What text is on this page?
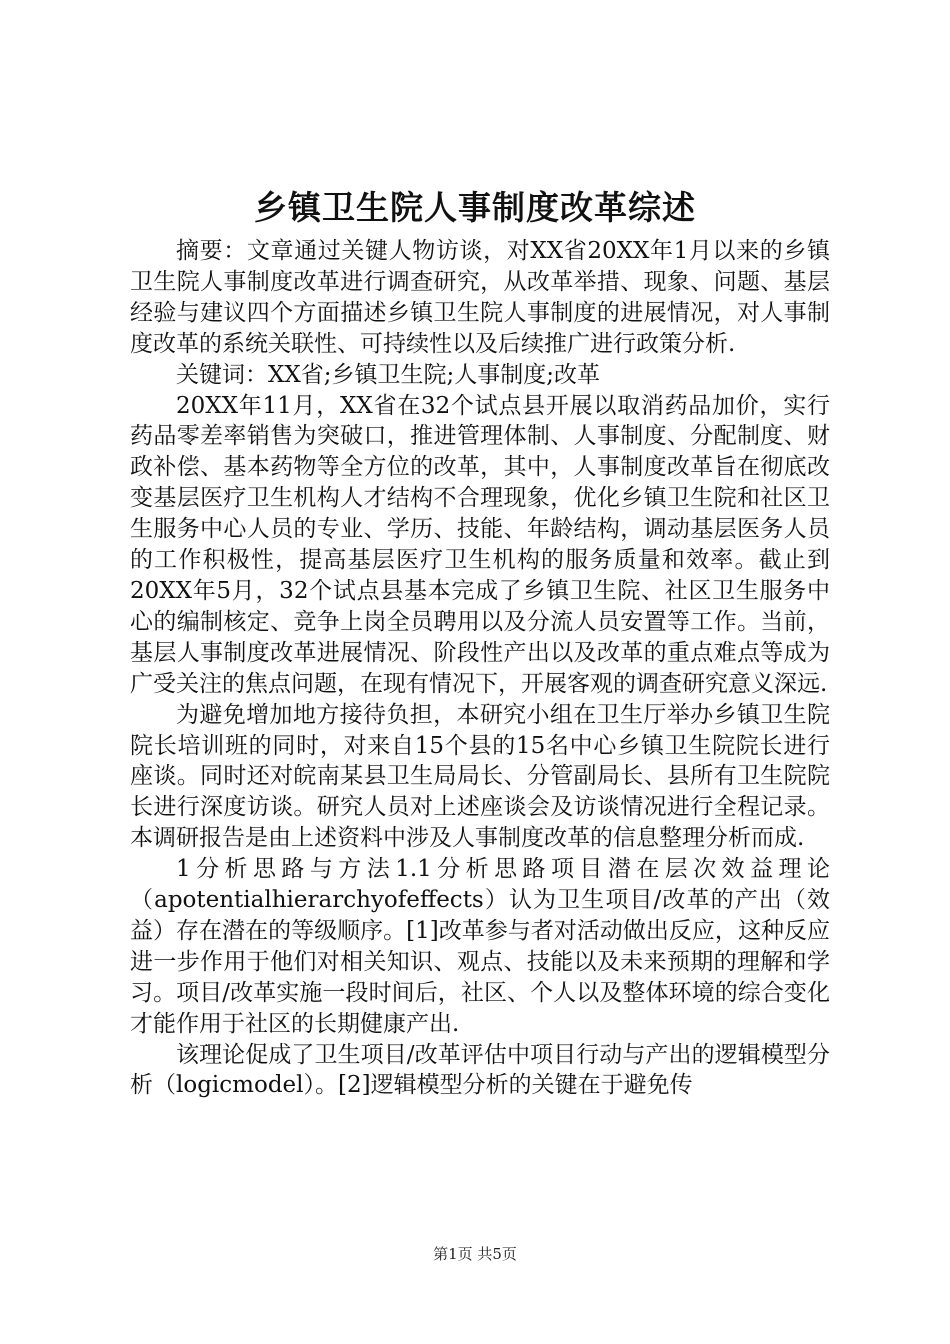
乡镇卫生院人事制度改革综述

摘要：文章通过关键人物访谈，对XX省20XX年1月以来的乡镇卫生院人事制度改革进行调查研究，从改革举措、现象、问题、基层经验与建议四个方面描述乡镇卫生院人事制度的进展情况，对人事制度改革的系统关联性、可持续性以及后续推广进行政策分析.

关键词：XX省;乡镇卫生院;人事制度;改革

20XX年11月，XX省在32个试点县开展以取消药品加价，实行药品零差率销售为突破口，推进管理体制、人事制度、分配制度、财政补偿、基本药物等全方位的改革，其中，人事制度改革旨在彻底改变基层医疗卫生机构人才结构不合理现象，优化乡镇卫生院和社区卫生服务中心人员的专业、学历、技能、年龄结构，调动基层医务人员的工作积极性，提高基层医疗卫生机构的服务质量和效率。截止到20XX年5月，32个试点县基本完成了乡镇卫生院、社区卫生服务中心的编制核定、竞争上岗全员聘用以及分流人员安置等工作。当前，基层人事制度改革进展情况、阶段性产出以及改革的重点难点等成为广受关注的焦点问题，在现有情况下，开展客观的调查研究意义深远.

为避免增加地方接待负担，本研究小组在卫生厅举办乡镇卫生院院长培训班的同时，对来自15个县的15名中心乡镇卫生院院长进行座谈。同时还对皖南某县卫生局局长、分管副局长、县所有卫生院院长进行深度访谈。研究人员对上述座谈会及访谈情况进行全程记录。本调研报告是由上述资料中涉及人事制度改革的信息整理分析而成.

1分析思路与方法1.1分析思路项目潜在层次效益理论（apotentialhierarchyofeffects）认为卫生项目/改革的产出（效益）存在潜在的等级顺序。[1]改革参与者对活动做出反应，这种反应进一步作用于他们对相关知识、观点、技能以及未来预期的理解和学习。项目/改革实施一段时间后，社区、个人以及整体环境的综合变化才能作用于社区的长期健康产出.

该理论促成了卫生项目/改革评估中项目行动与产出的逻辑模型分析（logicmodel）。[2]逻辑模型分析的关键在于避免传

第1页 共5页
